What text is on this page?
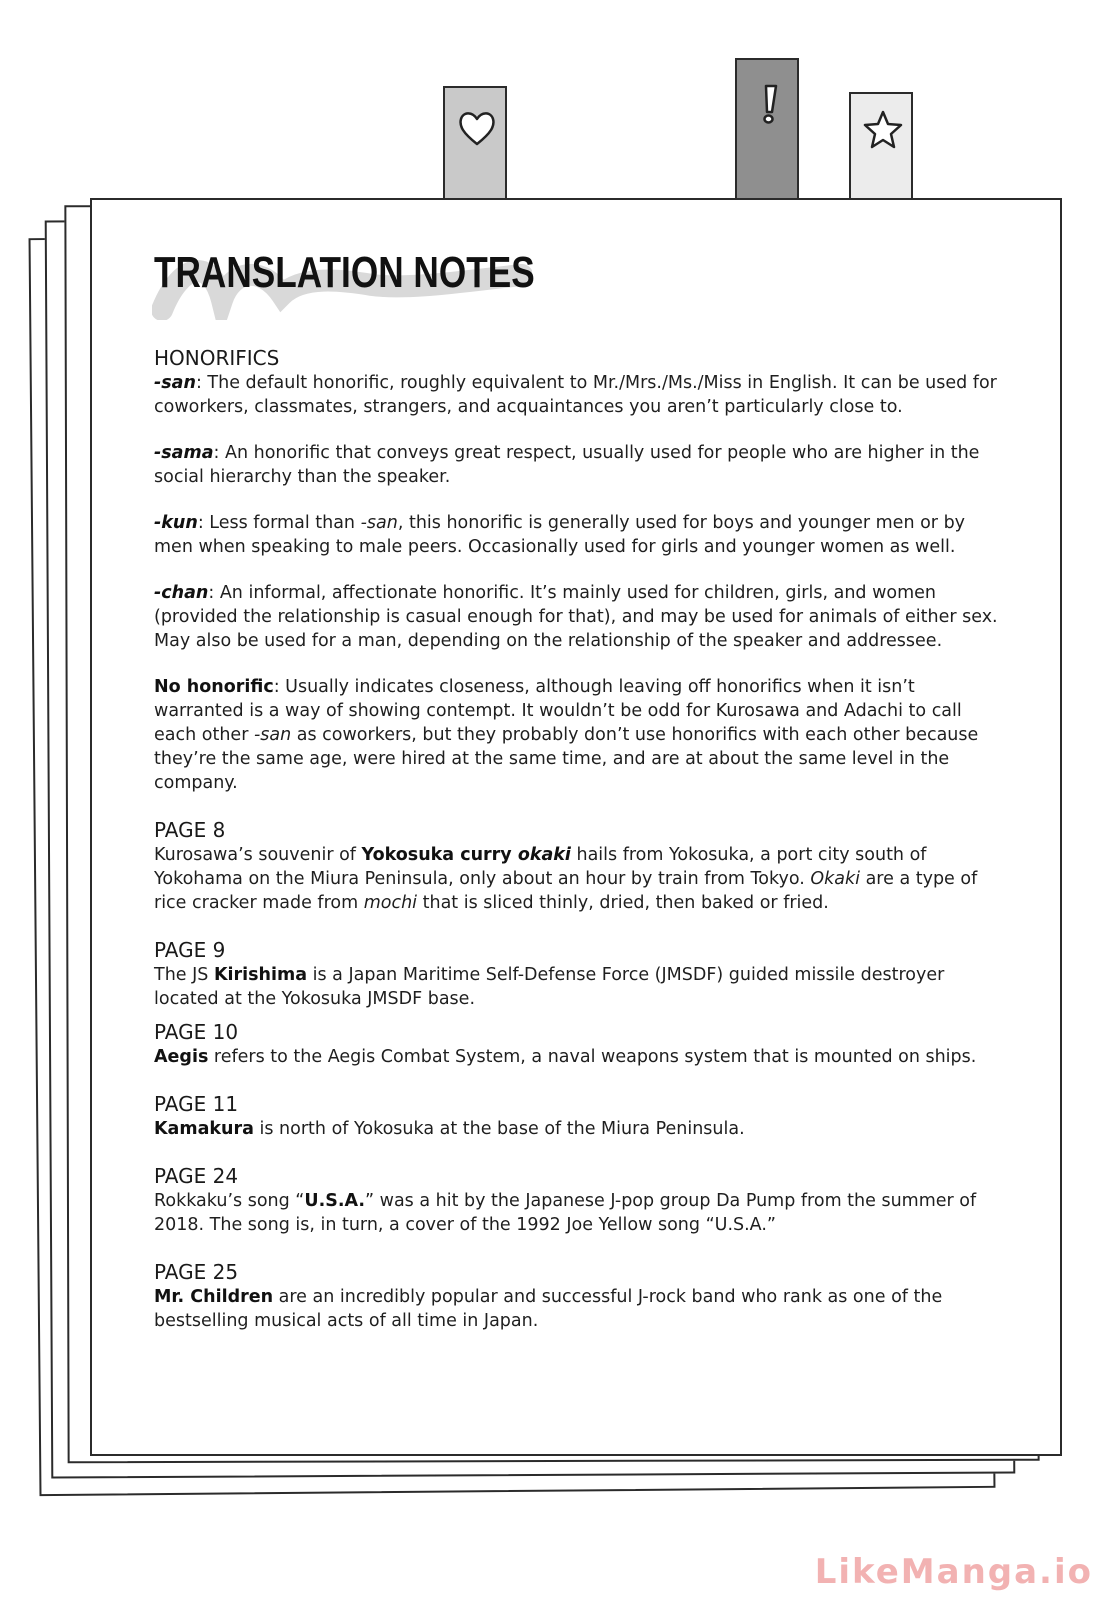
TRANSLATION NOTES
HONORIFICS

-san: The default honorific, roughly equivalent to Mr./Mrs./Ms./Miss in English. It can be used for coworkers, classmates, strangers, and acquaintances you aren’t particularly close to.

-sama: An honorific that conveys great respect, usually used for people who are higher in the social hierarchy than the speaker.

-kun: Less formal than -san, this honorific is generally used for boys and younger men or by men when speaking to male peers. Occasionally used for girls and younger women as well.

-chan: An informal, affectionate honorific. It’s mainly used for children, girls, and women (provided the relationship is casual enough for that), and may be used for animals of either sex. May also be used for a man, depending on the relationship of the speaker and addressee.

No honorific: Usually indicates closeness, although leaving off honorifics when it isn’t warranted is a way of showing contempt. It wouldn’t be odd for Kurosawa and Adachi to call each other -san as coworkers, but they probably don’t use honorifics with each other because they’re the same age, were hired at the same time, and are at about the same level in the company.

PAGE 8

Kurosawa’s souvenir of Yokosuka curry okaki hails from Yokosuka, a port city south of Yokohama on the Miura Peninsula, only about an hour by train from Tokyo. Okaki are a type of rice cracker made from mochi that is sliced thinly, dried, then baked or fried.

PAGE 9

The JS Kirishima is a Japan Maritime Self-Defense Force (JMSDF) guided missile destroyer located at the Yokosuka JMSDF base.

PAGE 10

Aegis refers to the Aegis Combat System, a naval weapons system that is mounted on ships.

PAGE 11

Kamakura is north of Yokosuka at the base of the Miura Peninsula.

PAGE 24

Rokkaku’s song “U.S.A.” was a hit by the Japanese J-pop group Da Pump from the summer of 2018. The song is, in turn, a cover of the 1992 Joe Yellow song “U.S.A.”

PAGE 25

Mr. Children are an incredibly popular and successful J-rock band who rank as one of the bestselling musical acts of all time in Japan.

LikeManga.io
